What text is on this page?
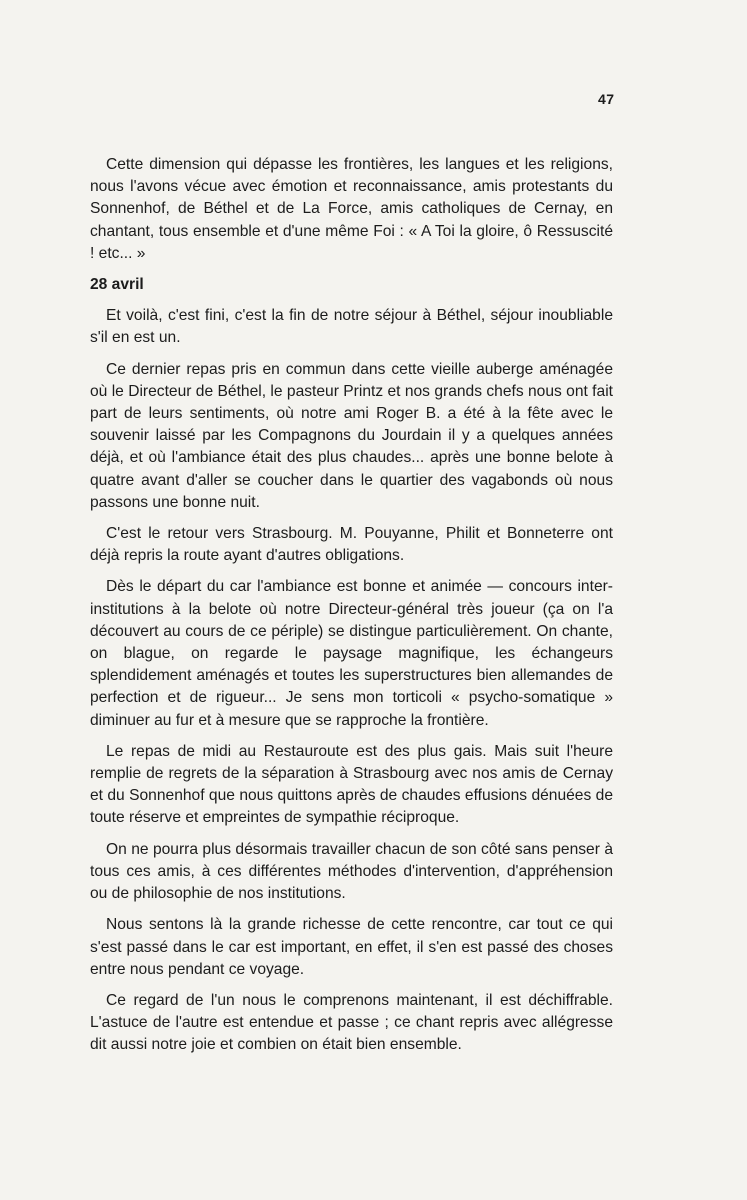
47

Cette dimension qui dépasse les frontières, les langues et les religions, nous l'avons vécue avec émotion et reconnaissance, amis protestants du Sonnenhof, de Béthel et de La Force, amis catholiques de Cernay, en chantant, tous ensemble et d'une même Foi : « A Toi la gloire, ô Ressuscité ! etc... »

28 avril

Et voilà, c'est fini, c'est la fin de notre séjour à Béthel, séjour inoubliable s'il en est un.

Ce dernier repas pris en commun dans cette vieille auberge aménagée où le Directeur de Béthel, le pasteur Printz et nos grands chefs nous ont fait part de leurs sentiments, où notre ami Roger B. a été à la fête avec le souvenir laissé par les Compagnons du Jourdain il y a quelques années déjà, et où l'ambiance était des plus chaudes... après une bonne belote à quatre avant d'aller se coucher dans le quartier des vagabonds où nous passons une bonne nuit.

C'est le retour vers Strasbourg. M. Pouyanne, Philit et Bonneterre ont déjà repris la route ayant d'autres obligations.

Dès le départ du car l'ambiance est bonne et animée — concours inter-institutions à la belote où notre Directeur-général très joueur (ça on l'a découvert au cours de ce périple) se distingue particulièrement. On chante, on blague, on regarde le paysage magnifique, les échangeurs splendidement aménagés et toutes les superstructures bien allemandes de perfection et de rigueur... Je sens mon torticoli « psycho-somatique » diminuer au fur et à mesure que se rapproche la frontière.

Le repas de midi au Restauroute est des plus gais. Mais suit l'heure remplie de regrets de la séparation à Strasbourg avec nos amis de Cernay et du Sonnenhof que nous quittons après de chaudes effusions dénuées de toute réserve et empreintes de sympathie réciproque.

On ne pourra plus désormais travailler chacun de son côté sans penser à tous ces amis, à ces différentes méthodes d'intervention, d'appréhension ou de philosophie de nos institutions.

Nous sentons là la grande richesse de cette rencontre, car tout ce qui s'est passé dans le car est important, en effet, il s'en est passé des choses entre nous pendant ce voyage.

Ce regard de l'un nous le comprenons maintenant, il est déchiffrable. L'astuce de l'autre est entendue et passe ; ce chant repris avec allégresse dit aussi notre joie et combien on était bien ensemble.
